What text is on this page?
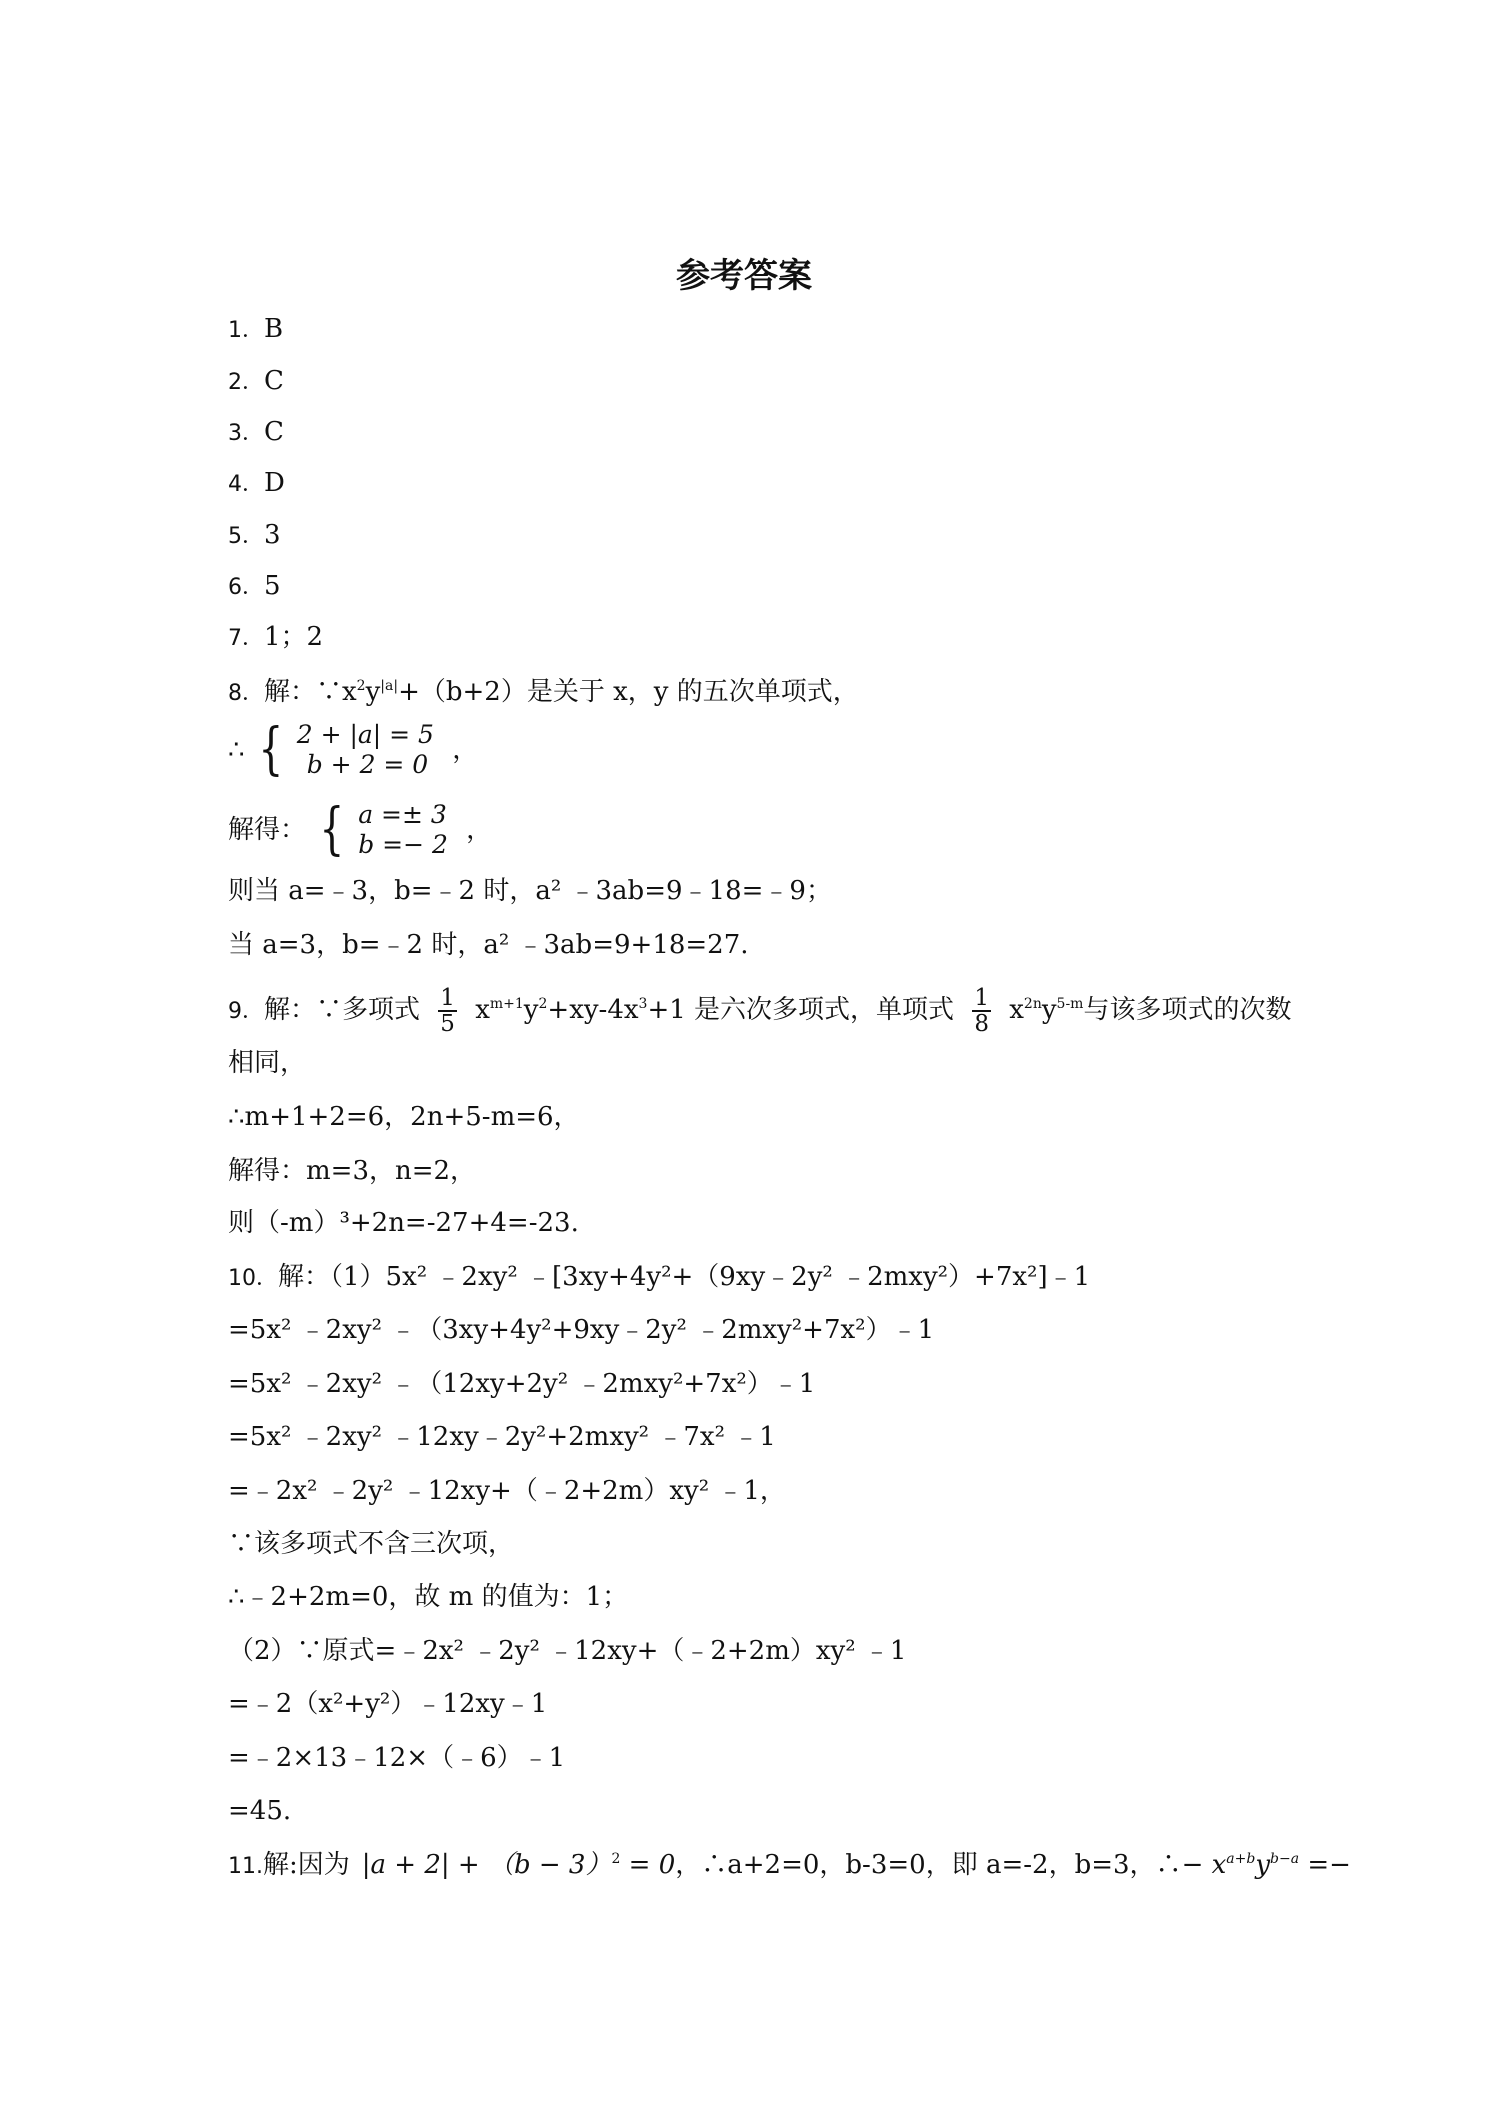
参考答案
1．B
2．C
3．C
4．D
5．3
6．5
7．1；2
8．解：$\because x^2y^{|a|}+(b+2)$是关于 x，y 的五次单项式，
∴ { 2 + |a| = 5
b + 2 = 0 ，
解得： { a =± 3
b =− 2 ，
则当 a=﹣3，b=﹣2 时，a² ﹣3ab=9﹣18=﹣9；
当 a=3，b=﹣2 时，a² ﹣3ab=9+18=27.
9．解：∵多项式 $\frac{1}{5} x^{m+1}y^2+xy-4x^3+1$ 是六次多项式，单项式 $\frac{1}{8} x^{2n}y^{5-m}$与该多项式的次数
相同，
∴m+1+2=6，2n+5-m=6，
解得：m=3，n=2，
则（-m）³+2n=-27+4=-23.
10．解：（1）5x² ﹣2xy² ﹣[3xy+4y²+（9xy﹣2y² ﹣2mxy²）+7x²]﹣1
=5x² ﹣2xy² ﹣（3xy+4y²+9xy﹣2y² ﹣2mxy²+7x²）﹣1
=5x² ﹣2xy² ﹣（12xy+2y² ﹣2mxy²+7x²）﹣1
=5x² ﹣2xy² ﹣12xy﹣2y²+2mxy² ﹣7x² ﹣1
=﹣2x² ﹣2y² ﹣12xy+（﹣2+2m）xy² ﹣1，
∵该多项式不含三次项，
∴﹣2+2m=0，故 m 的值为：1；
（2）∵原式=﹣2x² ﹣2y² ﹣12xy+（﹣2+2m）xy² ﹣1
=﹣2（x²+y²）﹣12xy﹣1
=﹣2×13﹣12×（﹣6）﹣1
=45.
11.解:因为 $|a + 2| + (b - 3)^2 = 0$，∴a+2=0，b-3=0，即 a=-2，b=3，∴− $x^{a+b}y^{b-a}$ =−
